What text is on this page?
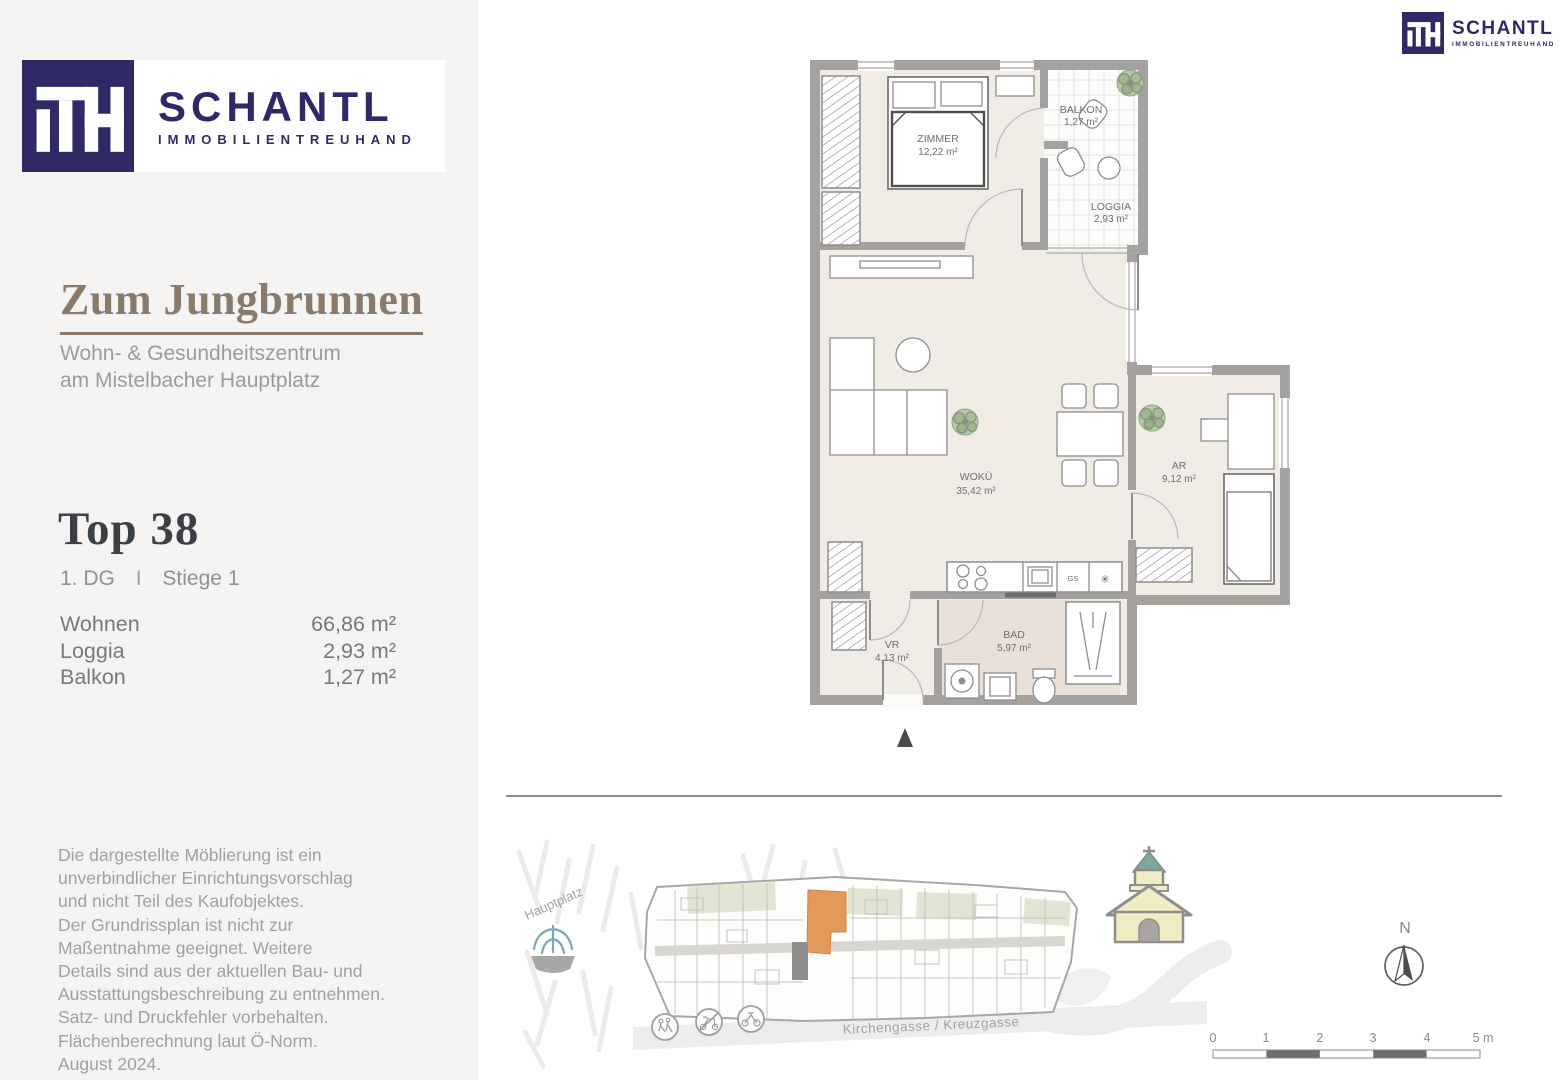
SCHANTL
IMMOBILIENTREUHAND
SCHANTL
IMMOBILIENTREUHAND
Zum Jungbrunnen
Wohn- & Gesundheitszentrum
am Mistelbacher Hauptplatz
Top 38
1. DG I Stiege 1
Wohnen	66,86 m²
Loggia	2,93 m²
Balkon	1,27 m²
Die dargestellte Möblierung ist ein
unverbindlicher Einrichtungsvorschlag
und nicht Teil des Kaufobjektes.
Der Grundrissplan ist nicht zur
Maßentnahme geeignet. Weitere
Details sind aus der aktuellen Bau- und
Ausstattungsbeschreibung zu entnehmen.
Satz- und Druckfehler vorbehalten.
Flächenberechnung laut Ö-Norm.
August 2024.
ZIMMER
12,22 m²
BALKON
1,27 m²
LOGGIA
2,93 m²
WOKÜ
35,42 m²
AR
9,12 m²
VR
4,13 m²
BAD
5,97 m²
GS ✳
Hauptplatz
Kirchengasse / Kreuzgasse
N
0	1	2	3	4	5 m
